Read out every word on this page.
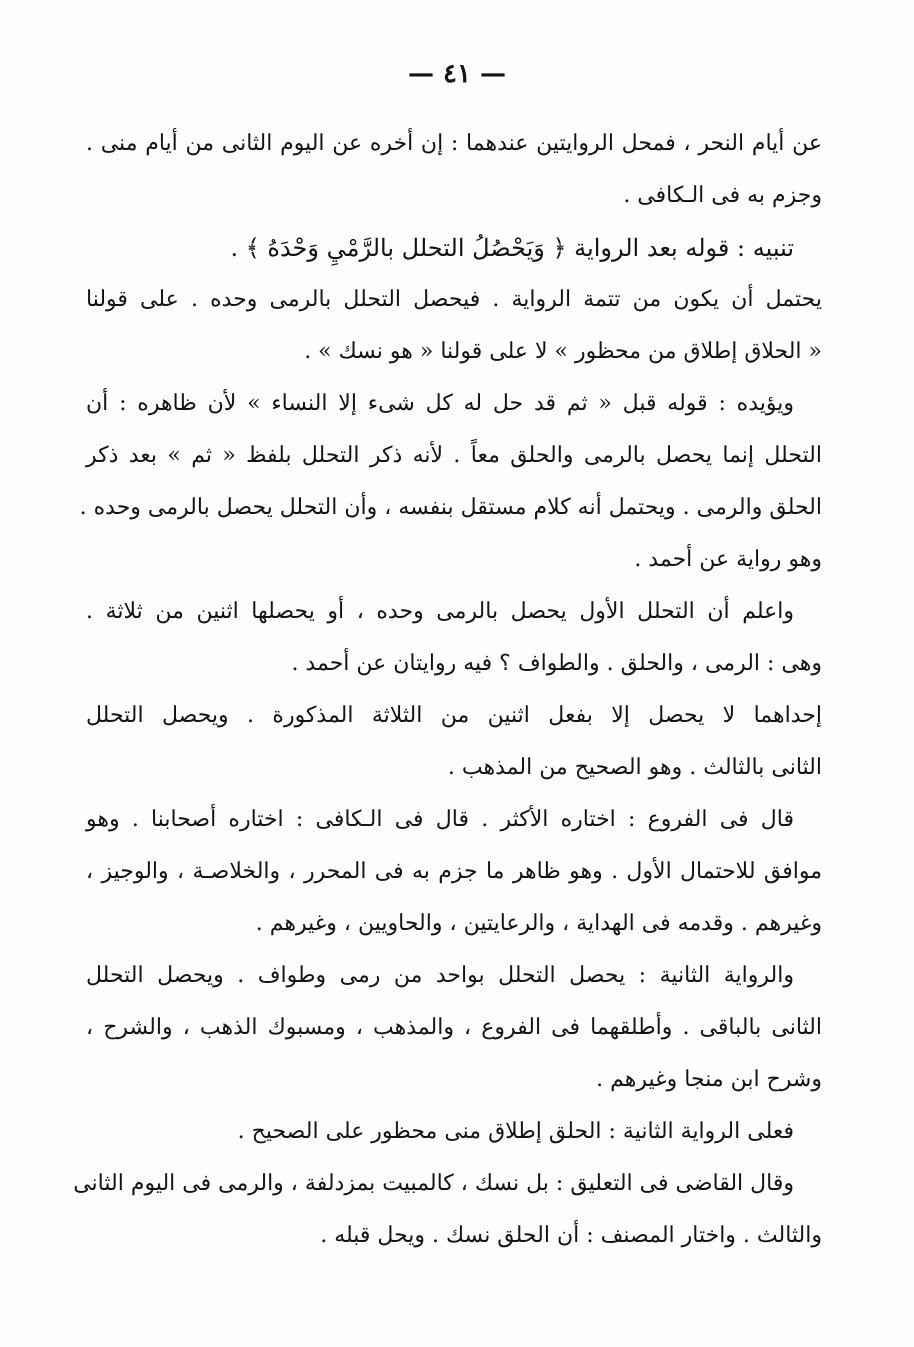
— ٤١ —
عن أيام النحر ، فمحل الروايتين عندهما : إن أخره عن اليوم الثانى من أيام منى .
وجزم به فى الـكافى .
تنبيه : قوله بعد الرواية ﴿ وَيَحْصُلُ التحلل بالرَّمْيِ وَحْدَهُ ﴾ .
يحتمل أن يكون من تتمة الرواية . فيحصل التحلل بالرمى وحده . على قولنا
« الحلاق إطلاق من محظور » لا على قولنا « هو نسك » .
ويؤيده : قوله قبل « ثم قد حل له كل شىء إلا النساء » لأن ظاهره : أن
التحلل إنما يحصل بالرمى والحلق معاً . لأنه ذكر التحلل بلفظ « ثم » بعد ذكر
الحلق والرمى . ويحتمل أنه كلام مستقل بنفسه ، وأن التحلل يحصل بالرمى وحده .
وهو رواية عن أحمد .
واعلم أن التحلل الأول يحصل بالرمى وحده ، أو يحصلها اثنين من ثلاثة .
وهى : الرمى ، والحلق . والطواف ؟ فيه روايتان عن أحمد .
إحداهما لا يحصل إلا بفعل اثنين من الثلاثة المذكورة . ويحصل التحلل
الثانى بالثالث . وهو الصحيح من المذهب .
قال فى الفروع : اختاره الأكثر . قال فى الـكافى : اختاره أصحابنا . وهو
موافق للاحتمال الأول . وهو ظاهر ما جزم به فى المحرر ، والخلاصـة ، والوجيز ،
وغيرهم . وقدمه فى الهداية ، والرعايتين ، والحاويين ، وغيرهم .
والرواية الثانية : يحصل التحلل بواحد من رمى وطواف . ويحصل التحلل
الثانى بالباقى . وأطلقهما فى الفروع ، والمذهب ، ومسبوك الذهب ، والشرح ،
وشرح ابن منجا وغيرهم .
فعلى الرواية الثانية : الحلق إطلاق منى محظور على الصحيح .
وقال القاضى فى التعليق : بل نسك ، كالمبيت بمزدلفة ، والرمى فى اليوم الثانى
والثالث . واختار المصنف : أن الحلق نسك . ويحل قبله .
